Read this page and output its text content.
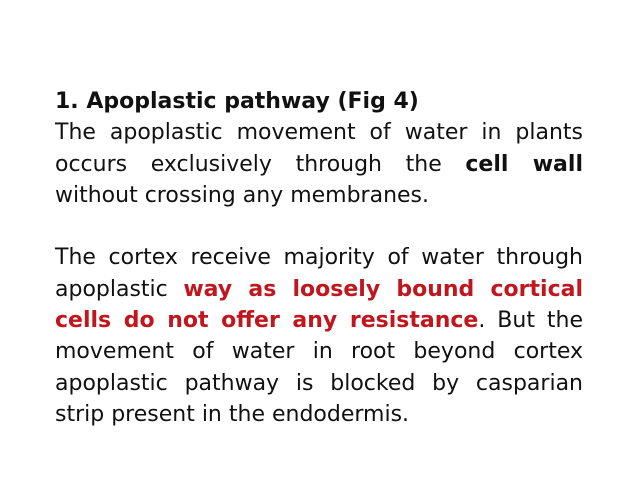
1. Apoplastic pathway (Fig 4)

The apoplastic movement of water in plants occurs exclusively through the cell wall without crossing any membranes.

The cortex receive majority of water through apoplastic way as loosely bound cortical cells do not offer any resistance. But the movement of water in root beyond cortex apoplastic pathway is blocked by casparian strip present in the endodermis.
